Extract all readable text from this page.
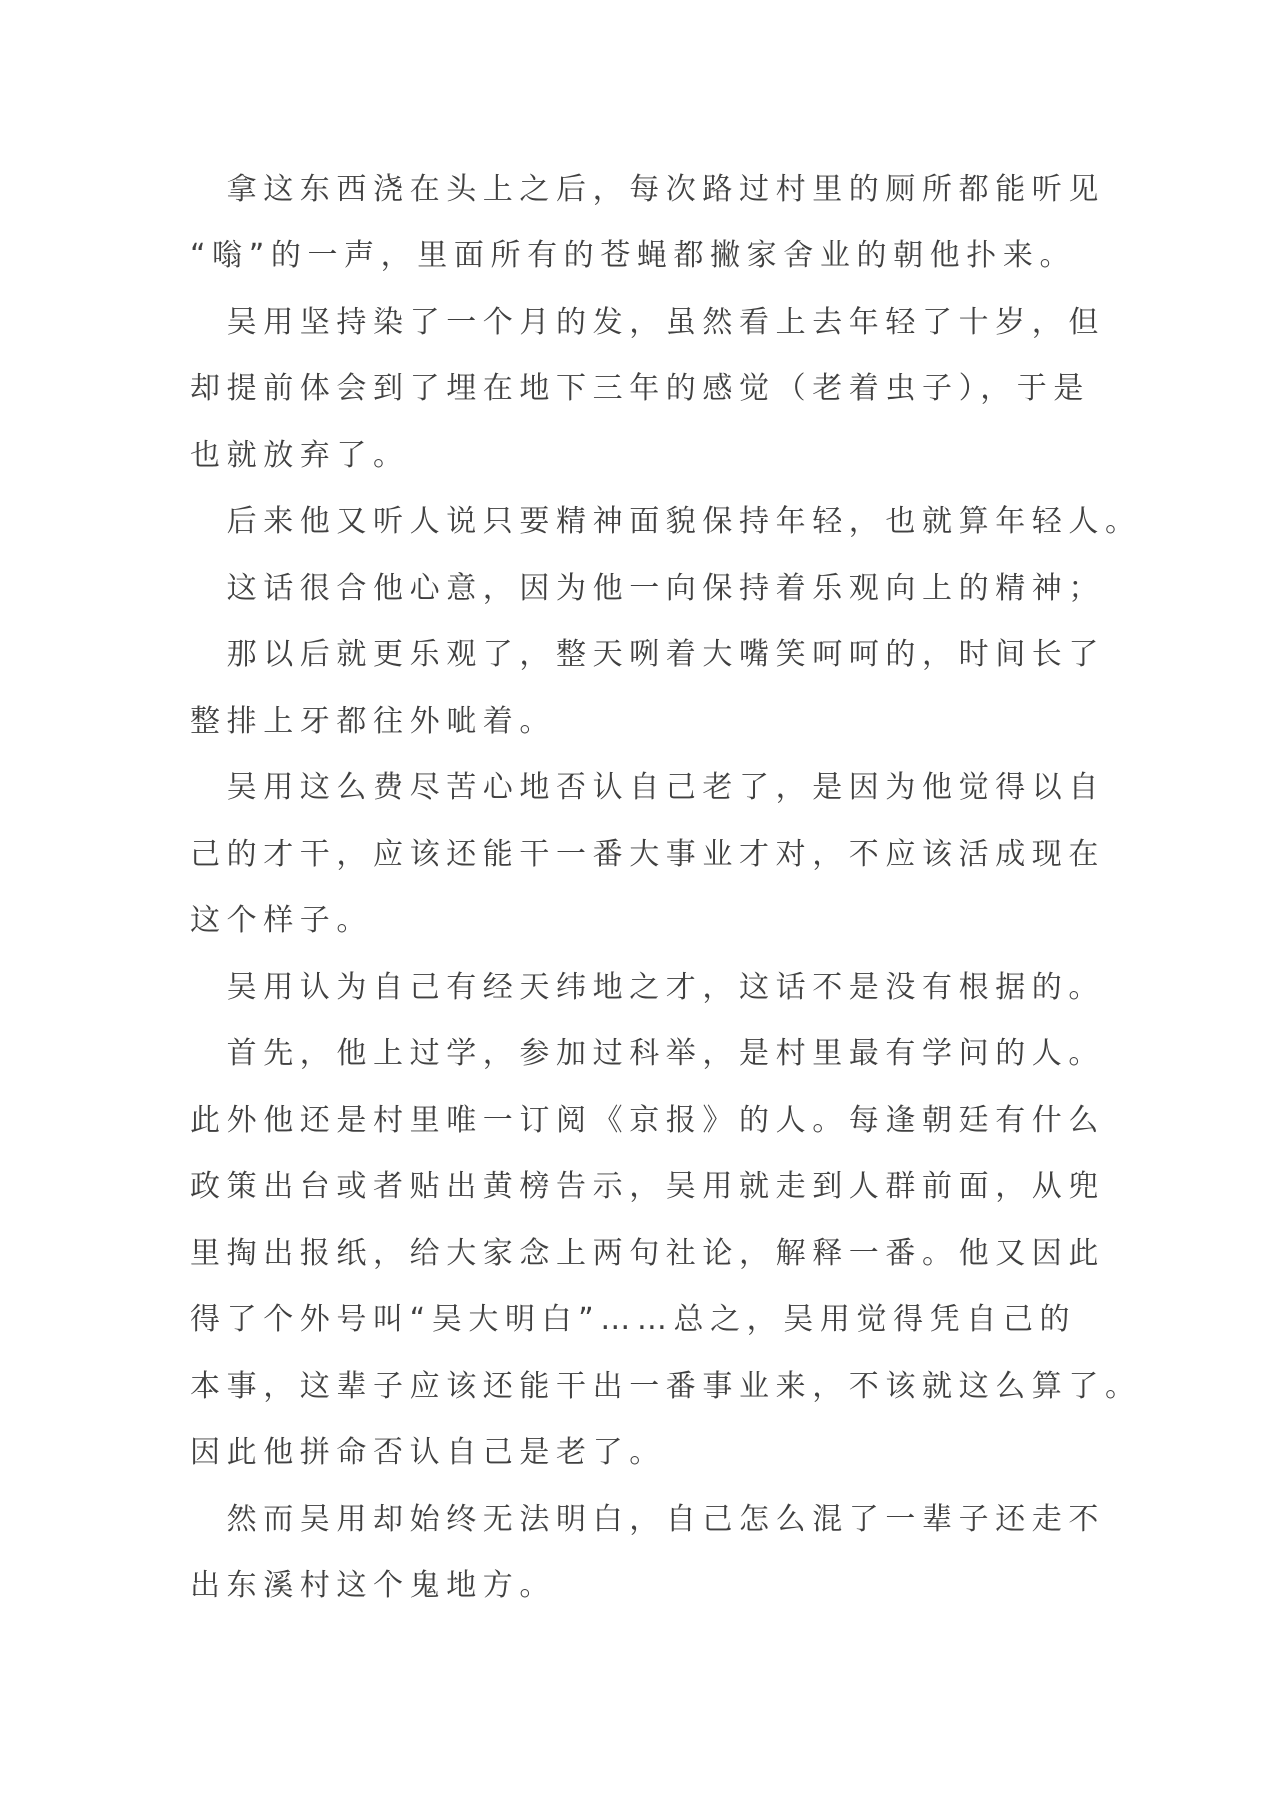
　拿这东西浇在头上之后，每次路过村里的厕所都能听见
“嗡”的一声，里面所有的苍蝇都撇家舍业的朝他扑来。
　吴用坚持染了一个月的发，虽然看上去年轻了十岁，但
却提前体会到了埋在地下三年的感觉（老着虫子），于是
也就放弃了。
　后来他又听人说只要精神面貌保持年轻，也就算年轻人。
　这话很合他心意，因为他一向保持着乐观向上的精神；
　那以后就更乐观了，整天咧着大嘴笑呵呵的，时间长了
整排上牙都往外呲着。
　吴用这么费尽苦心地否认自己老了，是因为他觉得以自
己的才干，应该还能干一番大事业才对，不应该活成现在
这个样子。
　吴用认为自己有经天纬地之才，这话不是没有根据的。
　首先，他上过学，参加过科举，是村里最有学问的人。
此外他还是村里唯一订阅《京报》的人。每逢朝廷有什么
政策出台或者贴出黄榜告示，吴用就走到人群前面，从兜
里掏出报纸，给大家念上两句社论，解释一番。他又因此
得了个外号叫“吴大明白”……总之，吴用觉得凭自己的
本事，这辈子应该还能干出一番事业来，不该就这么算了。
因此他拼命否认自己是老了。
　然而吴用却始终无法明白，自己怎么混了一辈子还走不
出东溪村这个鬼地方。
